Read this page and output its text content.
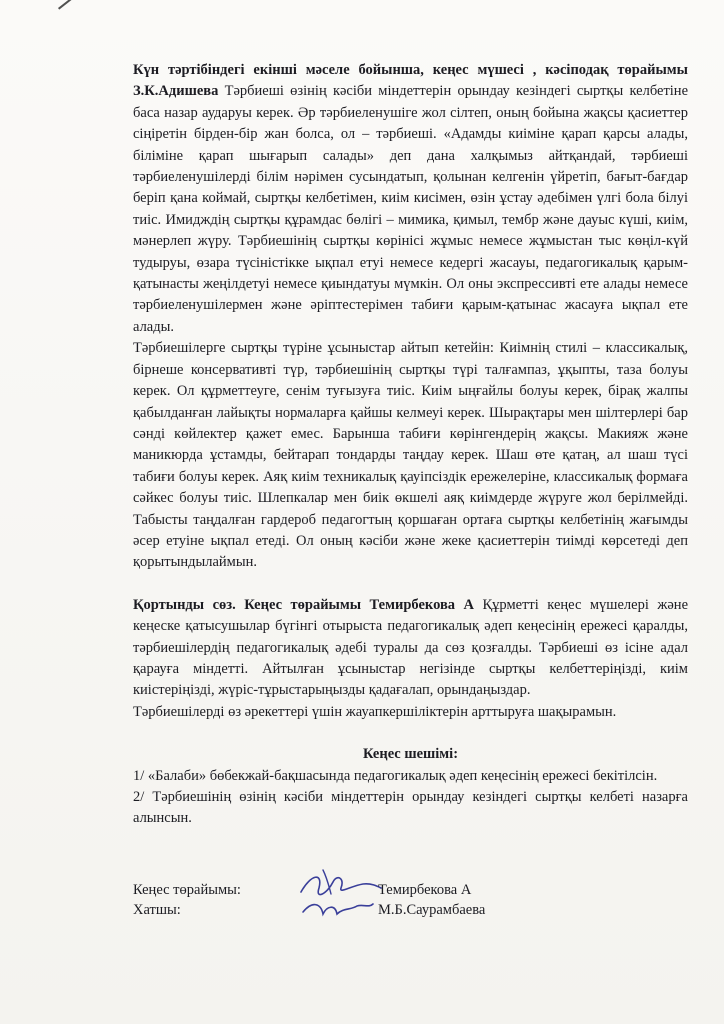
Күн тәртібіндегі екінші мәселе бойынша, кеңес мүшесі , кәсіподақ төрайымы З.К.Адишева Тәрбиеші өзінің кәсіби міндеттерін орындау кезіндегі сыртқы келбетіне баса назар аударуы керек. Әр тәрбиеленушіге жол сілтеп, оның бойына жақсы қасиеттер сіңіретін бірден-бір жан болса, ол – тәрбиеші. «Адамды киіміне қарап қарсы алады, біліміне қарап шығарып салады» деп дана халқымыз айтқандай, тәрбиеші тәрбиеленушілерді білім нәрімен сусындатып, қолынан келгенін үйретіп, бағыт-бағдар беріп қана коймай, сыртқы келбетімен, киім кисімен, өзін ұстау әдебімен үлгі бола білуі тиіс. Имидждің сыртқы құрамдас бөлігі – мимика, қимыл, тембр және дауыс күші, киім, мәнерлеп жүру. Тәрбиешінің сыртқы көрінісі жұмыс немесе жұмыстан тыс көңіл-күй тудыруы, өзара түсіністікке ықпал етуі немесе кедергі жасауы, педагогикалық қарым-қатынасты жеңілдетуі немесе қиындатуы мүмкін. Ол оны экспрессивті ете алады немесе тәрбиеленушілермен және әріптестерімен табиғи қарым-қатынас жасауға ықпал ете алады.

Тәрбиешілерге сыртқы түріне ұсыныстар айтып кетейін: Киімнің стилі – классикалық, бірнеше консервативті түр, тәрбиешінің сыртқы түрі талғампаз, ұқыпты, таза болуы керек. Ол құрметтеуге, сенім туғызуға тиіс. Киім ыңғайлы болуы керек, бірақ жалпы қабылданған лайықты нормаларға қайшы келмеуі керек. Шырақтары мен шілтерлері бар сәнді көйлектер қажет емес. Барынша табиғи көрінгендерің жақсы. Макияж және маникюрда ұстамды, бейтарап тондарды таңдау керек. Шаш өте қатаң, ал шаш түсі табиғи болуы керек. Аяқ киім техникалық қауіпсіздік ережелеріне, классикалық формаға сәйкес болуы тиіс. Шлепкалар мен биік өкшелі аяқ киімдерде жүруге жол берілмейді. Табысты таңдалған гардероб педагогтың қоршаған ортаға сыртқы келбетінің жағымды әсер етуіне ықпал етеді. Ол оның кәсіби және жеке қасиеттерін тиімді көрсетеді деп қорытындылаймын.

Қортынды сөз. Кеңес төрайымы Темирбекова А Құрметті кеңес мүшелері және кеңеске қатысушылар бүгінгі отырыста педагогикалық әдеп кеңесінің ережесі қаралды, тәрбиешілердің педагогикалық әдебі туралы да сөз қозғалды. Тәрбиеші өз ісіне адал қарауға міндетті. Айтылған ұсыныстар негізінде сыртқы келбеттеріңізді, киім киістеріңізді, жүріс-тұрыстарыңызды қадағалап, орындаңыздар.

Тәрбиешілерді өз әрекеттері үшін жауапкершіліктерін арттыруға шақырамын.

Кеңес шешімі:

1/ «Балаби» бөбекжай-бақшасында педагогикалық әдеп кеңесінің ережесі бекітілсін.

2/ Тәрбиешінің өзінің кәсіби міндеттерін орындау кезіндегі сыртқы келбеті назарға алынсын.

Кеңес төрайымы:	Темирбекова А
Хатшы:	М.Б.Саурамбаева
